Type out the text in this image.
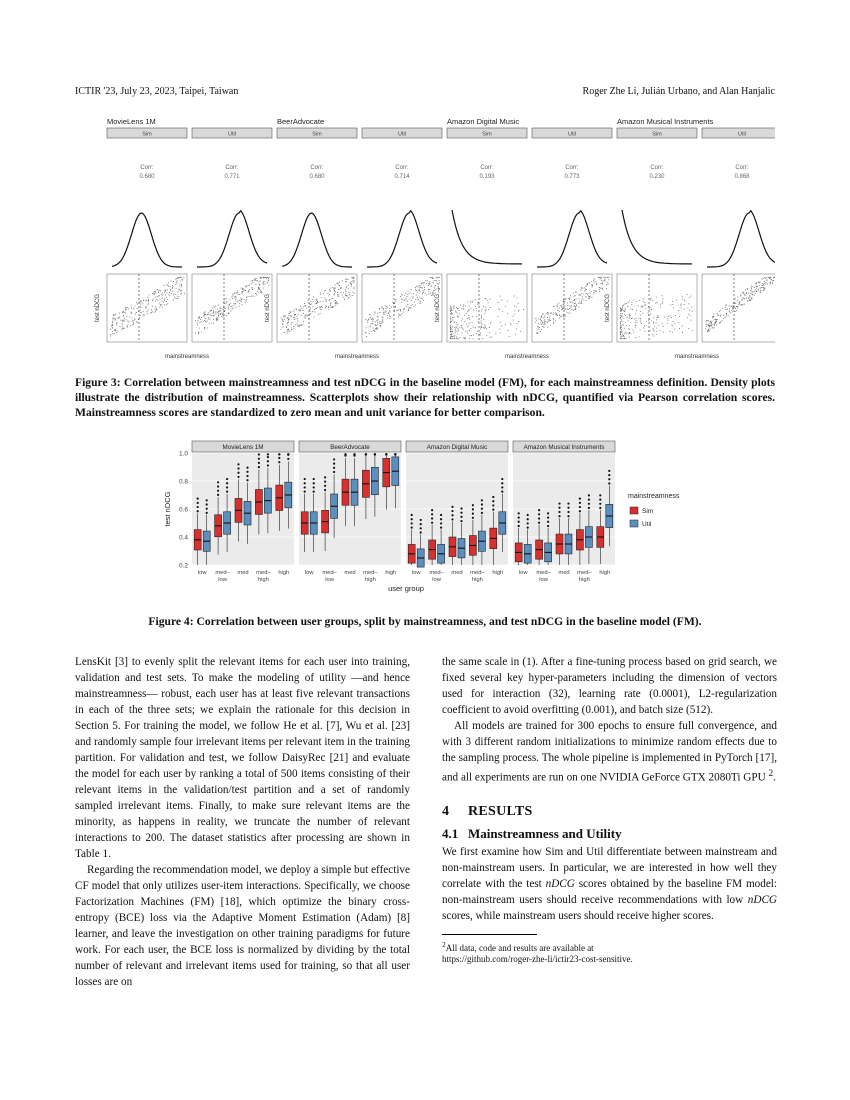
ICTIR '23, July 23, 2023, Taipei, Taiwan	Roger Zhe Li, Julián Urbano, and Alan Hanjalic
MovieLens 1M
Sim
Corr:
0.680
Util
Corr:
0.771
mainstreamness
test nDCG
BeerAdvocate
Sim
Corr:
0.680
Util
Corr:
0.714
mainstreamness
test nDCG
Amazon Digital Music
Sim
Corr:
0.193
Util
Corr:
0.773
mainstreamness
test nDCG
Amazon Musical Instruments
Sim
Corr:
0.230
Util
Corr:
0.868
mainstreamness
test nDCG
Figure 3: Correlation between mainstreamness and test nDCG in the baseline model (FM), for each mainstreamness definition. Density plots illustrate the distribution of mainstreamness. Scatterplots show their relationship with nDCG, quantified via Pearson correlation scores. Mainstreamness scores are standardized to zero mean and unit variance for better comparison.
0.2
0.4
0.6
0.8
1.0
test nDCG
MovieLens 1M
low med–
low
med med–
high
high
BeerAdvocate
low med–
low
med med–
high
high
Amazon Digital Music
low med–
low
med med–
high
high
Amazon Musical Instruments
low med–
low
med med–
high
high
user group
mainstreamness
Sim
Util
Figure 4: Correlation between user groups, split by mainstreamness, and test nDCG in the baseline model (FM).

LensKit [3] to evenly split the relevant items for each user into training, validation and test sets. To make the modeling of utility —and hence mainstreamness— robust, each user has at least five relevant transactions in each of the three sets; we explain the rationale for this decision in Section 5. For training the model, we follow He et al. [7], Wu et al. [23] and randomly sample four irrelevant items per relevant item in the training partition. For validation and test, we follow DaisyRec [21] and evaluate the model for each user by ranking a total of 500 items consisting of their relevant items in the validation/test partition and a set of randomly sampled irrelevant items. Finally, to make sure relevant items are the minority, as happens in reality, we truncate the number of relevant interactions to 200. The dataset statistics after processing are shown in Table 1.

Regarding the recommendation model, we deploy a simple but effective CF model that only utilizes user-item interactions. Specifically, we choose Factorization Machines (FM) [18], which optimize the binary cross-entropy (BCE) loss via the Adaptive Moment Estimation (Adam) [8] learner, and leave the investigation on other training paradigms for future work. For each user, the BCE loss is normalized by dividing by the total number of relevant and irrelevant items used for training, so that all user losses are on

the same scale in (1). After a fine-tuning process based on grid search, we fixed several key hyper-parameters including the dimension of vectors used for interaction (32), learning rate (0.0001), L2-regularization coefficient to avoid overfitting (0.001), and batch size (512).

All models are trained for 300 epochs to ensure full convergence, and with 3 different random initializations to minimize random effects due to the sampling process. The whole pipeline is implemented in PyTorch [17], and all experiments are run on one NVIDIA GeForce GTX 2080Ti GPU $^2$.

4 RESULTS
4.1 Mainstreamness and Utility

We first examine how Sim and Util differentiate between mainstream and non-mainstream users. In particular, we are interested in how well they correlate with the test nDCG scores obtained by the baseline FM model: non-mainstream users should receive recommendations with low nDCG scores, while mainstream users should receive higher scores.

$^2$All data, code and results are available at
https://github.com/roger-zhe-li/ictir23-cost-sensitive.
